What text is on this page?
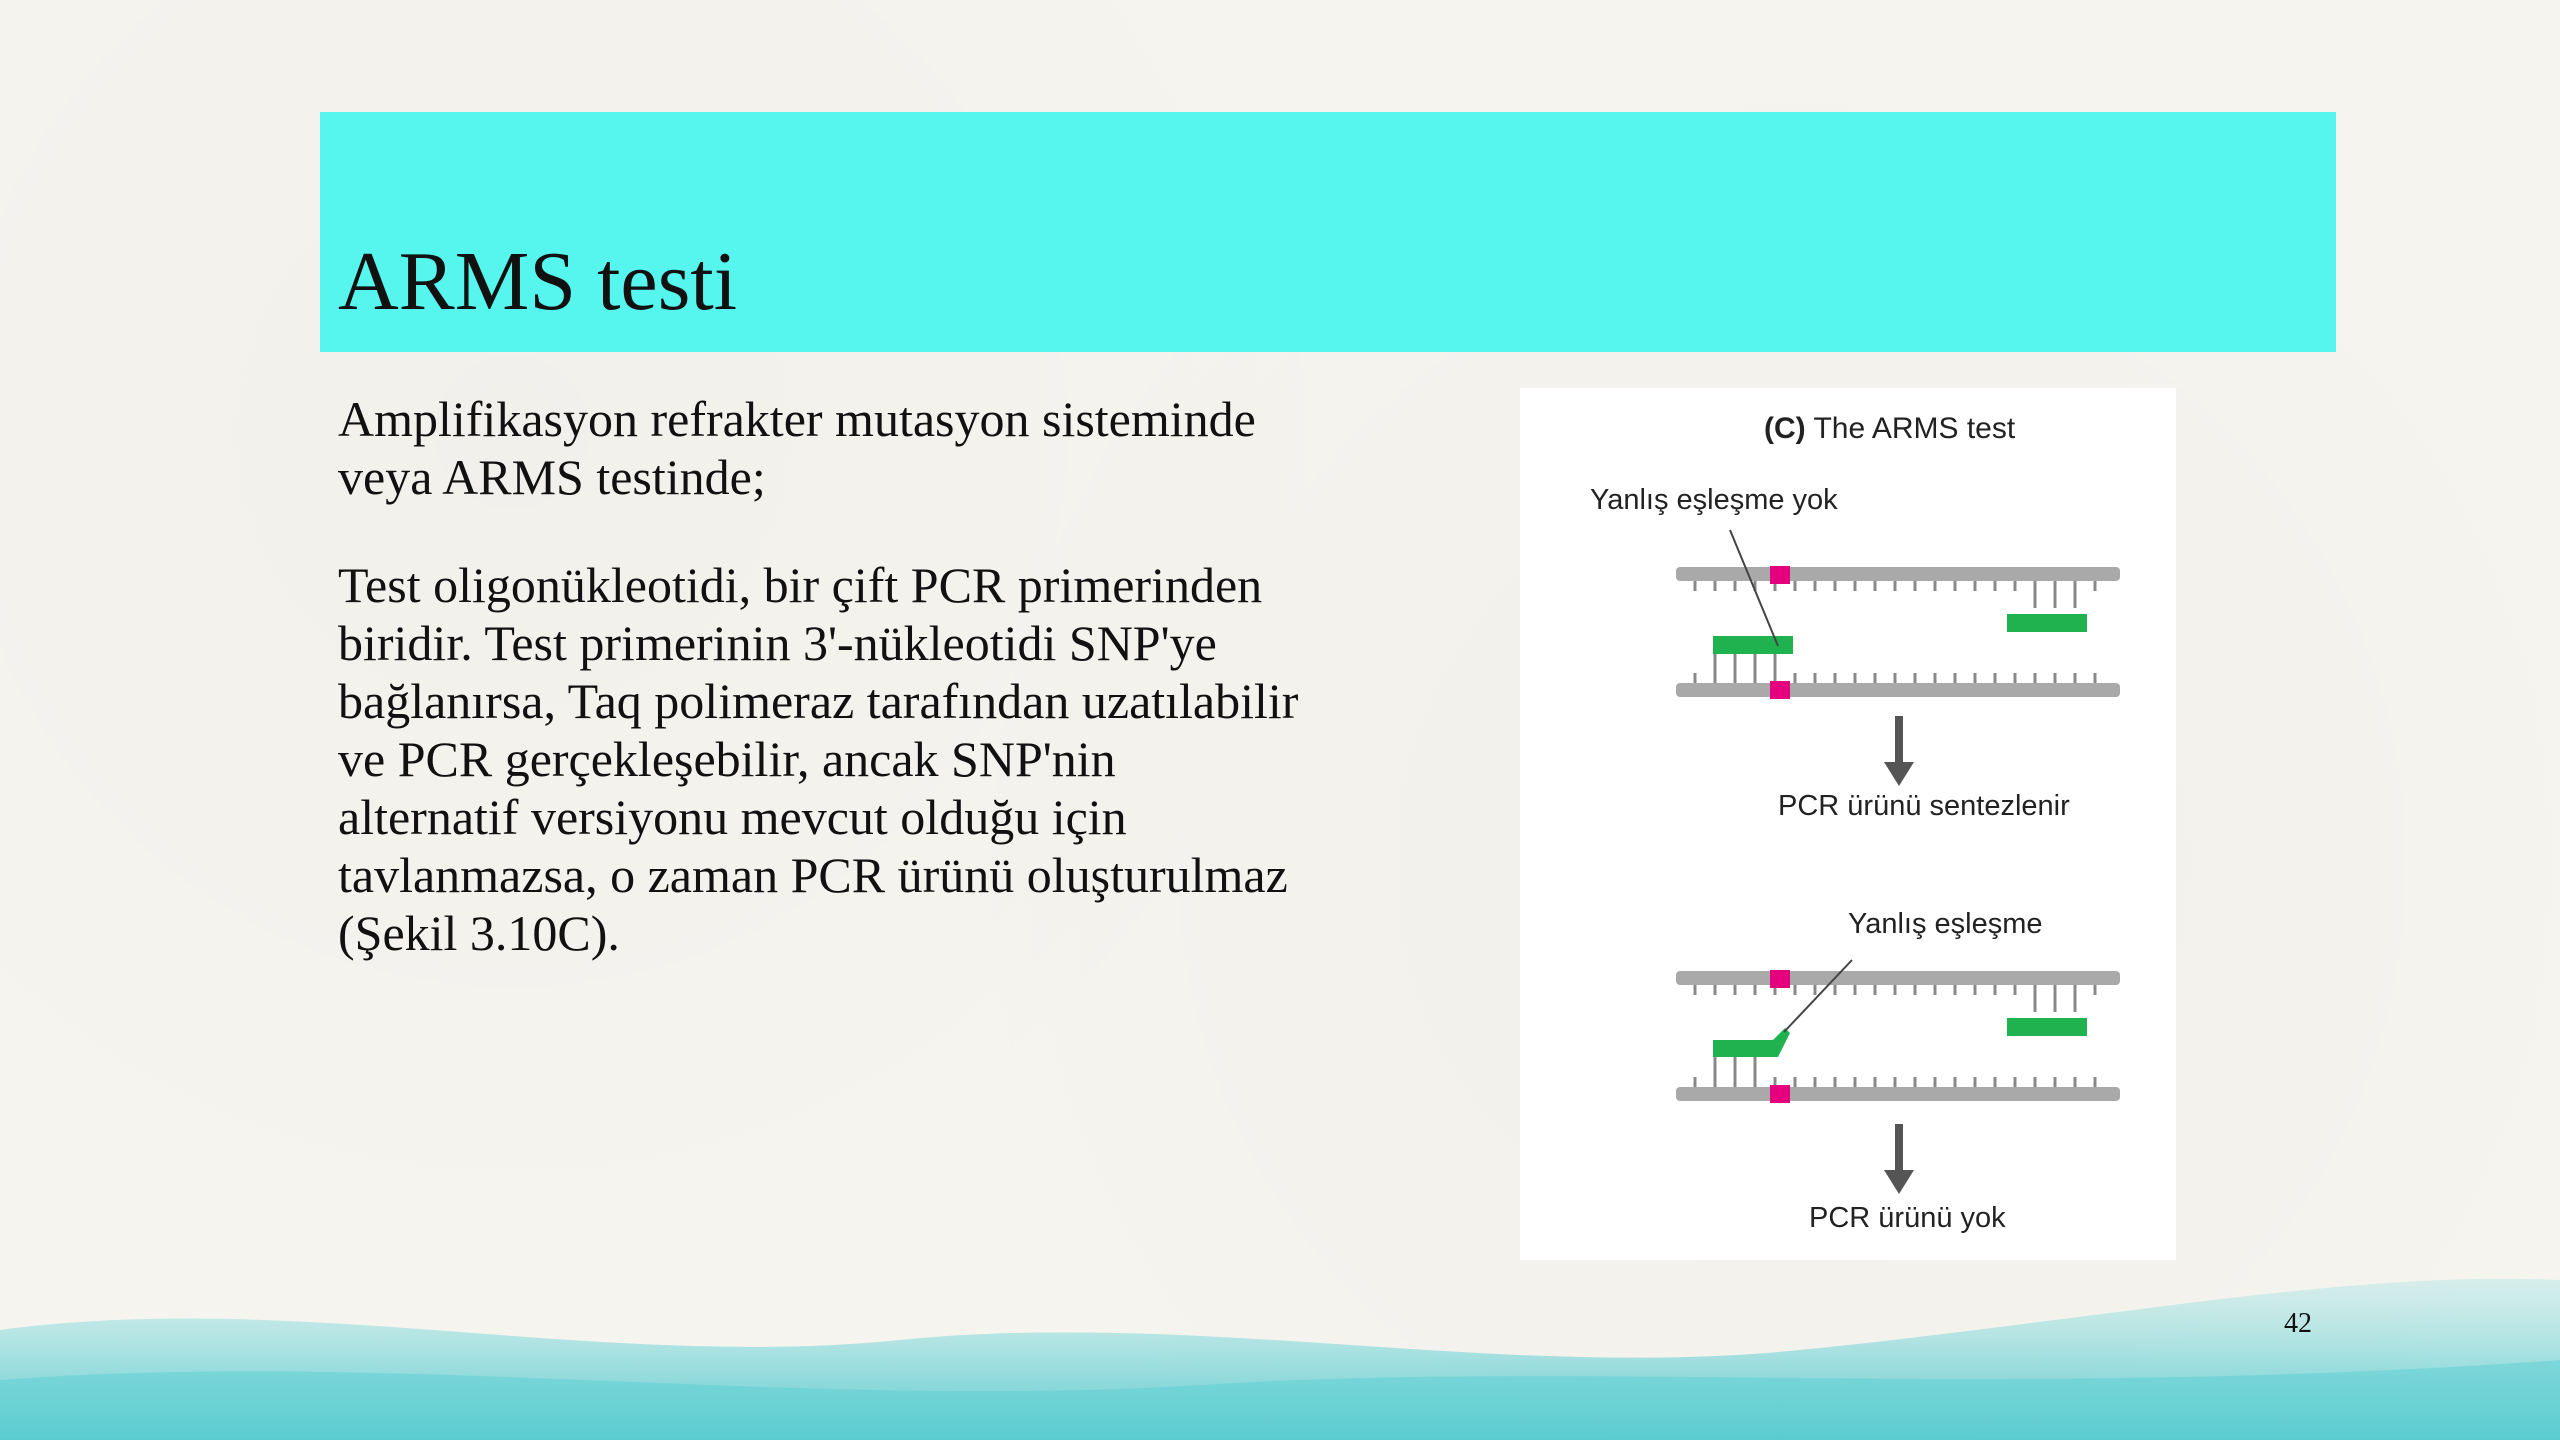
ARMS testi

Amplifikasyon refrakter mutasyon sisteminde veya ARMS testinde;

Test oligonükleotidi, bir çift PCR primerinden biridir. Test primerinin 3'-nükleotidi SNP'ye bağlanırsa, Taq polimeraz tarafından uzatılabilir ve PCR gerçekleşebilir, ancak SNP'nin alternatif versiyonu mevcut olduğu için tavlanmazsa, o zaman PCR ürünü oluşturulmaz (Şekil 3.10C).

(C) The ARMS test
Yanlış eşleşme yok
PCR ürünü sentezlenir
Yanlış eşleşme
PCR ürünü yok
42
